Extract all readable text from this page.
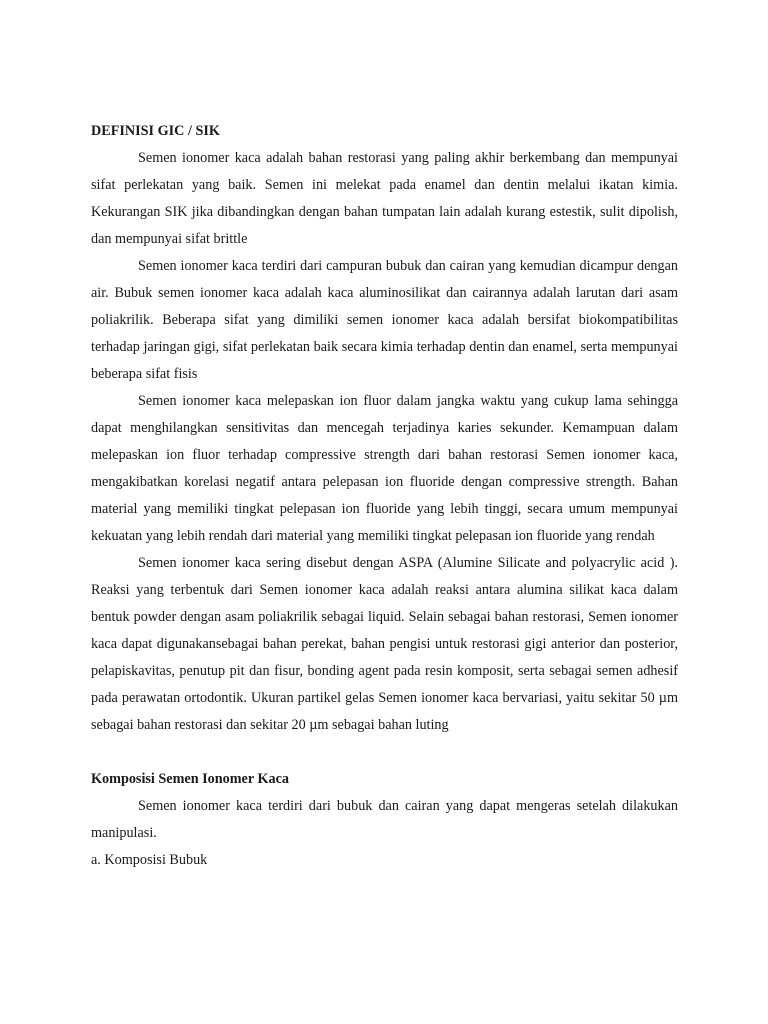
DEFINISI GIC / SIK

Semen ionomer kaca adalah bahan restorasi yang paling akhir berkembang dan mempunyai sifat perlekatan yang baik. Semen ini melekat pada enamel dan dentin melalui ikatan kimia. Kekurangan SIK jika dibandingkan dengan bahan tumpatan lain adalah kurang estestik, sulit dipolish, dan mempunyai sifat brittle

Semen ionomer kaca terdiri dari campuran bubuk dan cairan yang kemudian dicampur dengan air. Bubuk semen ionomer kaca adalah kaca aluminosilikat dan cairannya adalah larutan dari asam poliakrilik. Beberapa sifat yang dimiliki semen ionomer kaca adalah bersifat biokompatibilitas terhadap jaringan gigi, sifat perlekatan baik secara kimia terhadap dentin dan enamel, serta mempunyai beberapa sifat fisis

Semen ionomer kaca melepaskan ion fluor dalam jangka waktu yang cukup lama sehingga dapat menghilangkan sensitivitas dan mencegah terjadinya karies sekunder. Kemampuan dalam melepaskan ion fluor terhadap compressive strength dari bahan restorasi Semen ionomer kaca, mengakibatkan korelasi negatif antara pelepasan ion fluoride dengan compressive strength. Bahan material yang memiliki tingkat pelepasan ion fluoride yang lebih tinggi, secara umum mempunyai kekuatan yang lebih rendah dari material yang memiliki tingkat pelepasan ion fluoride yang rendah

Semen ionomer kaca sering disebut dengan ASPA (Alumine Silicate and polyacrylic acid ). Reaksi yang terbentuk dari Semen ionomer kaca adalah reaksi antara alumina silikat kaca dalam bentuk powder dengan asam poliakrilik sebagai liquid. Selain sebagai bahan restorasi, Semen ionomer kaca dapat digunakansebagai bahan perekat, bahan pengisi untuk restorasi gigi anterior dan posterior, pelapiskavitas, penutup pit dan fisur, bonding agent pada resin komposit, serta sebagai semen adhesif pada perawatan ortodontik. Ukuran partikel gelas Semen ionomer kaca bervariasi, yaitu sekitar 50 µm sebagai bahan restorasi dan sekitar 20 µm sebagai bahan luting

Komposisi Semen Ionomer Kaca

Semen ionomer kaca terdiri dari bubuk dan cairan yang dapat mengeras setelah dilakukan manipulasi.

a. Komposisi Bubuk
